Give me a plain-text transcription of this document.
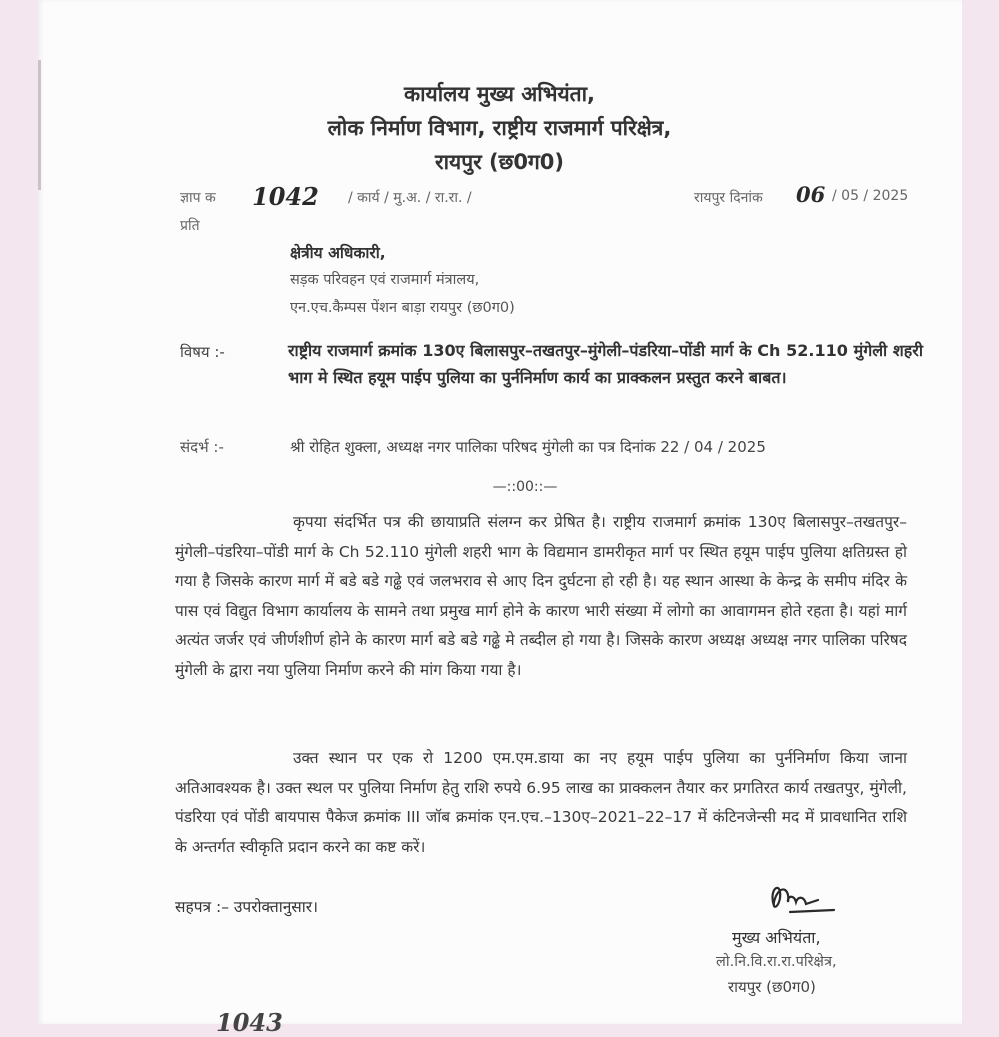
कार्यालय मुख्य अभियंता,
लोक निर्माण विभाग, राष्ट्रीय राजमार्ग परिक्षेत्र,
रायपुर (छ0ग0)
ज्ञाप क 1042 / कार्य / मु.अ. / रा.रा. /	रायपुर दिनांक 06 / 05 / 2025
प्रति
क्षेत्रीय अधिकारी,
सड़क परिवहन एवं राजमार्ग मंत्रालय,
एन.एच.कैम्पस पेंशन बाड़ा रायपुर (छ0ग0)
विषय :-	राष्ट्रीय राजमार्ग क्रमांक 130ए बिलासपुर–तखतपुर–मुंगेली–पंडरिया–पोंडी मार्ग के Ch 52.110 मुंगेली शहरी भाग मे स्थित हयूम पाईप पुलिया का पुर्ननिर्माण कार्य का प्राक्कलन प्रस्तुत करने बाबत।
संदर्भ :-	श्री रोहित शुक्ला, अध्यक्ष नगर पालिका परिषद मुंगेली का पत्र दिनांक 22 / 04 / 2025
—::00::—
कृपया संदर्भित पत्र की छायाप्रति संलग्न कर प्रेषित है। राष्ट्रीय राजमार्ग क्रमांक 130ए बिलासपुर–तखतपुर–मुंगेली–पंडरिया–पोंडी मार्ग के Ch 52.110 मुंगेली शहरी भाग के विद्यमान डामरीकृत मार्ग पर स्थित हयूम पाईप पुलिया क्षतिग्रस्त हो गया है जिसके कारण मार्ग में बडे बडे गढ्ढे एवं जलभराव से आए दिन दुर्घटना हो रही है। यह स्थान आस्था के केन्द्र के समीप मंदिर के पास एवं विद्युत विभाग कार्यालय के सामने तथा प्रमुख मार्ग होने के कारण भारी संख्या में लोगो का आवागमन होते रहता है। यहां मार्ग अत्यंत जर्जर एवं जीर्णशीर्ण होने के कारण मार्ग बडे बडे गढ्ढे मे तब्दील हो गया है। जिसके कारण अध्यक्ष अध्यक्ष नगर पालिका परिषद मुंगेली के द्वारा नया पुलिया निर्माण करने की मांग किया गया है।
उक्त स्थान पर एक रो 1200 एम.एम.डाया का नए हयूम पाईप पुलिया का पुर्ननिर्माण किया जाना अतिआवश्यक है। उक्त स्थल पर पुलिया निर्माण हेतु राशि रुपये 6.95 लाख का प्राक्कलन तैयार कर प्रगतिरत कार्य तखतपुर, मुंगेली, पंडरिया एवं पोंडी बायपास पैकेज क्रमांक III जॉब क्रमांक एन.एच.–130ए–2021–22–17 में कंटिनजेन्सी मद में प्रावधानित राशि के अन्तर्गत स्वीकृति प्रदान करने का कष्ट करें।
सहपत्र :– उपरोक्तानुसार।
मुख्य अभियंता,
लो.नि.वि.रा.रा.परिक्षेत्र,
रायपुर (छ0ग0)
1043
